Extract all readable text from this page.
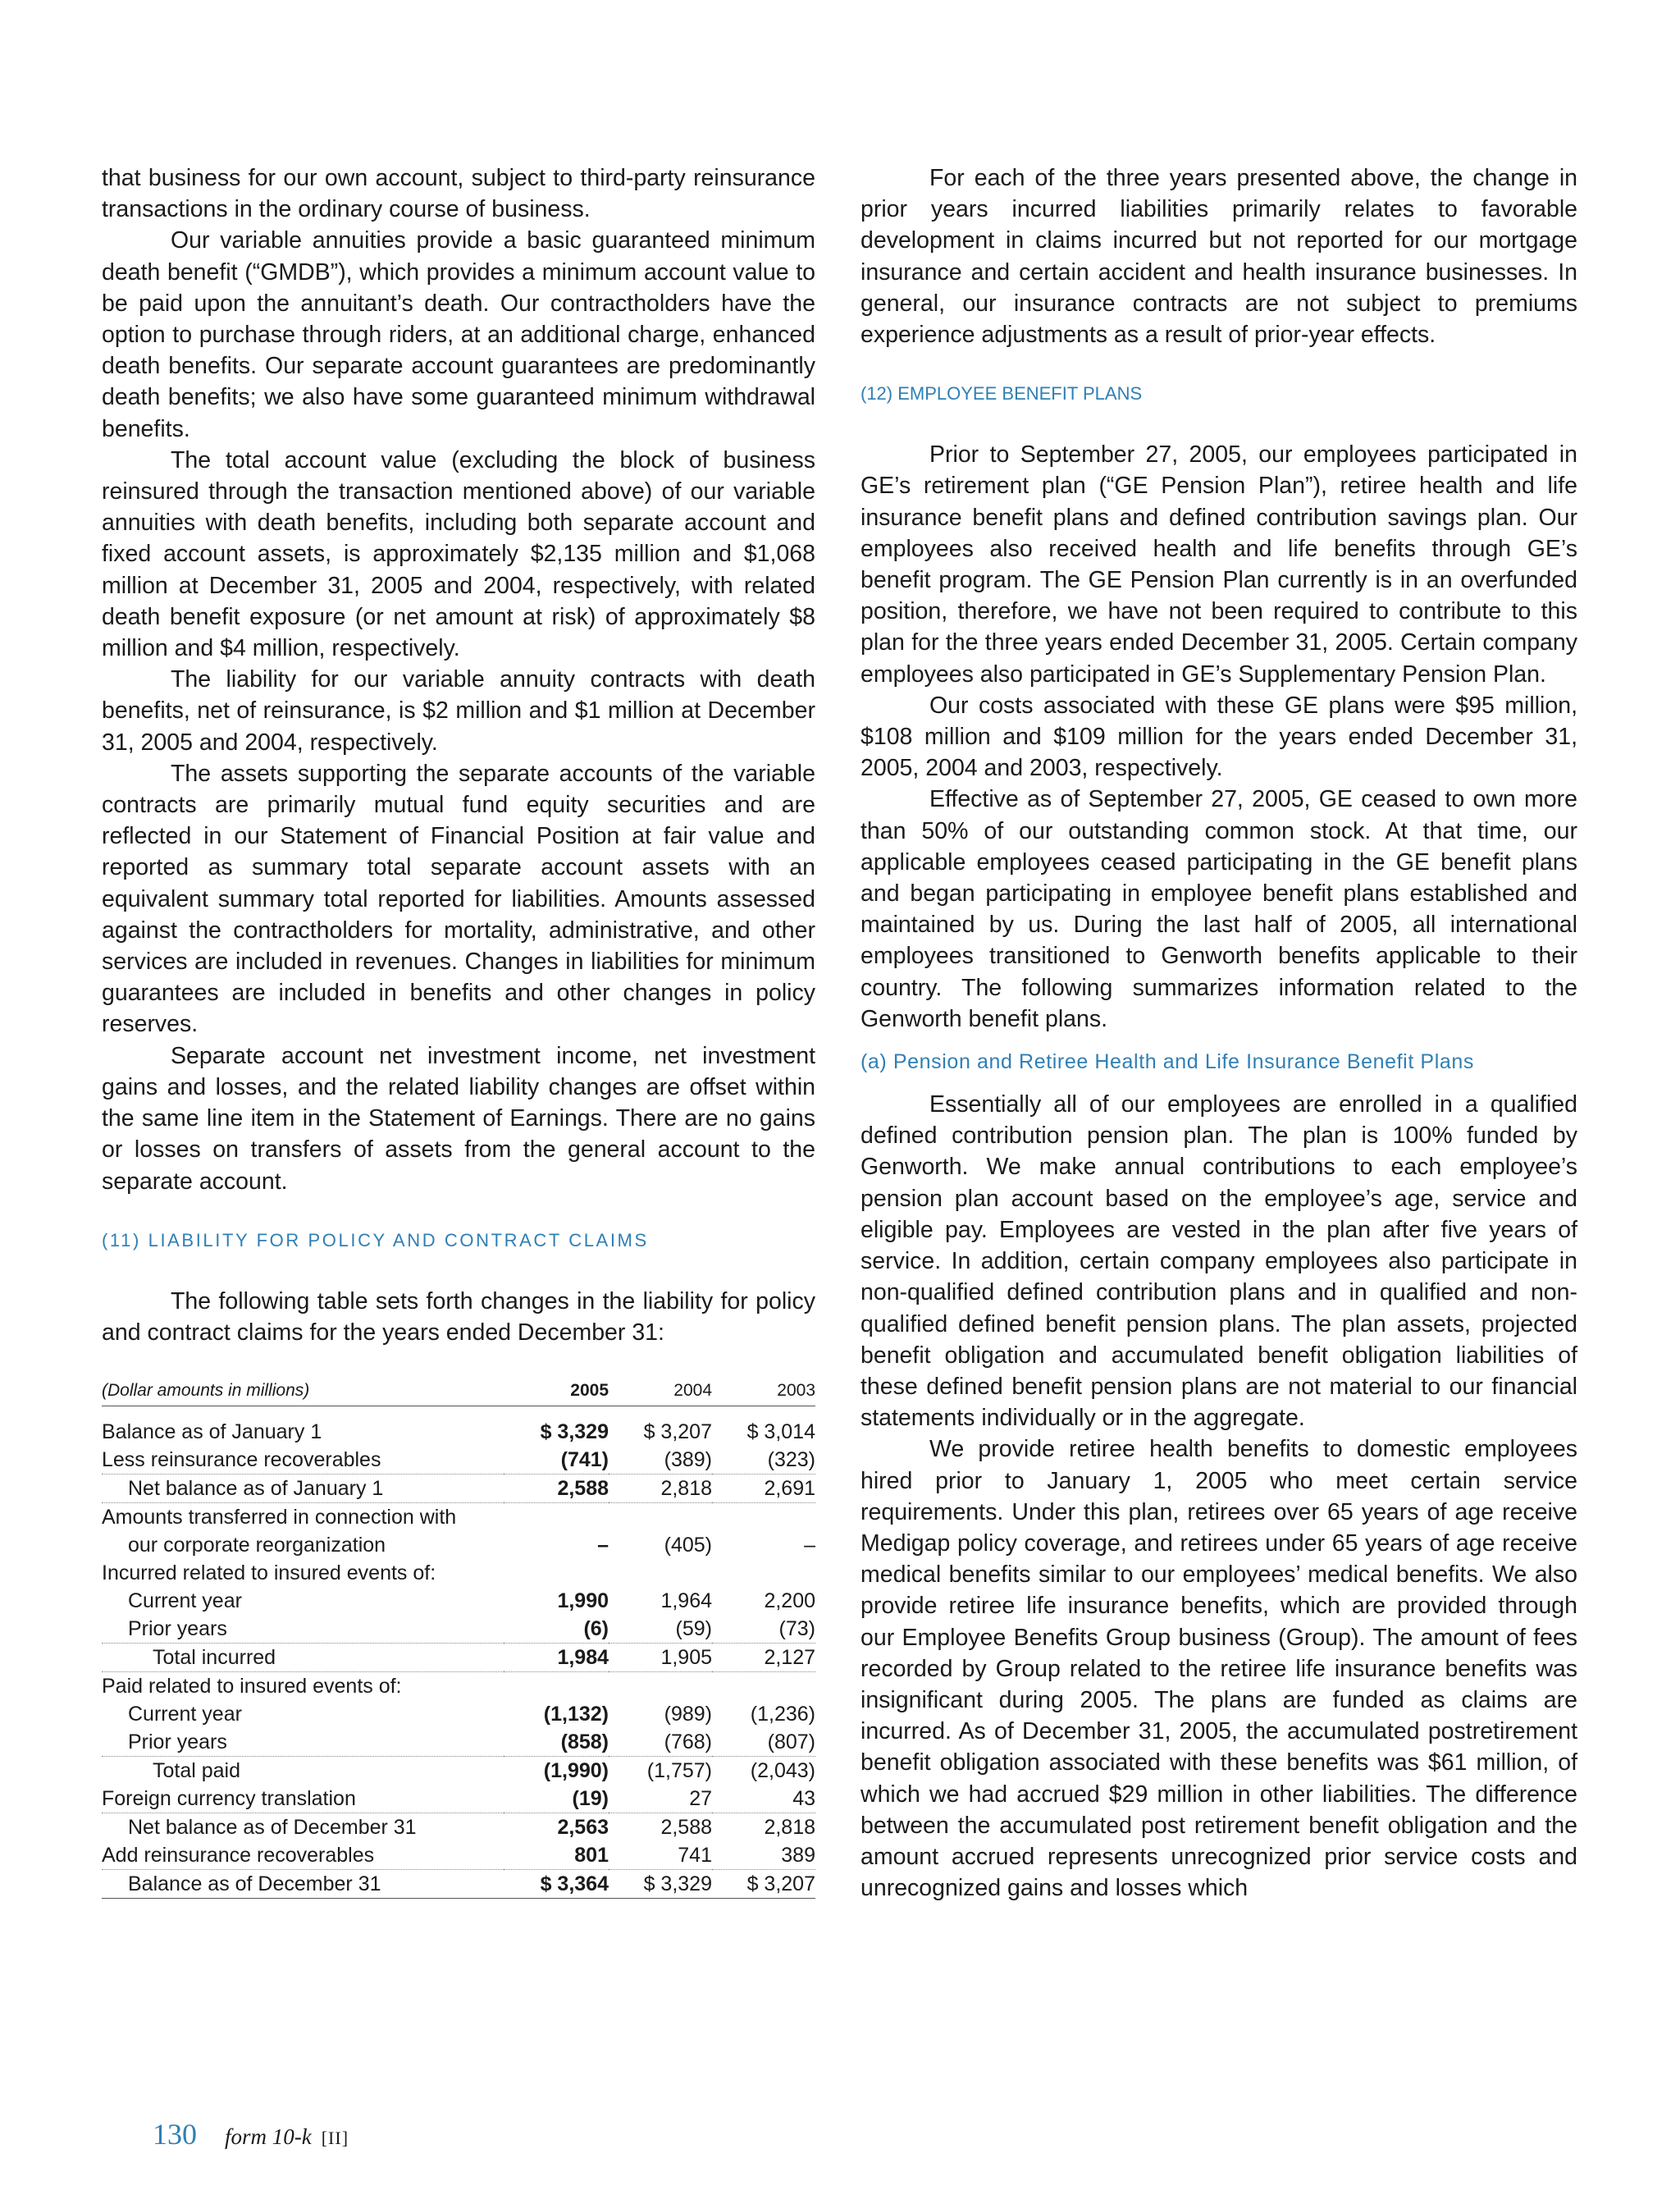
that business for our own account, subject to third-party reinsurance transactions in the ordinary course of business.

Our variable annuities provide a basic guaranteed minimum death benefit (“GMDB”), which provides a minimum account value to be paid upon the annuitant’s death. Our contractholders have the option to purchase through riders, at an additional charge, enhanced death benefits. Our separate account guarantees are predominantly death benefits; we also have some guaranteed minimum withdrawal benefits.

The total account value (excluding the block of business reinsured through the transaction mentioned above) of our variable annuities with death benefits, including both separate account and fixed account assets, is approximately $2,135 million and $1,068 million at December 31, 2005 and 2004, respectively, with related death benefit exposure (or net amount at risk) of approximately $8 million and $4 million, respectively.

The liability for our variable annuity contracts with death benefits, net of reinsurance, is $2 million and $1 million at December 31, 2005 and 2004, respectively.

The assets supporting the separate accounts of the variable contracts are primarily mutual fund equity securities and are reflected in our Statement of Financial Position at fair value and reported as summary total separate account assets with an equivalent summary total reported for liabilities. Amounts assessed against the contractholders for mortality, administrative, and other services are included in revenues. Changes in liabilities for minimum guarantees are included in benefits and other changes in policy reserves.

Separate account net investment income, net investment gains and losses, and the related liability changes are offset within the same line item in the Statement of Earnings. There are no gains or losses on transfers of assets from the general account to the separate account.

(11) LIABILITY FOR POLICY AND CONTRACT CLAIMS

The following table sets forth changes in the liability for policy and contract claims for the years ended December 31:

(Dollar amounts in millions)	2005	2004	2003

Balance as of January 1	$ 3,329	$ 3,207	$ 3,014
Less reinsurance recoverables	(741)	(389)	(323)
Net balance as of January 1	2,588	2,818	2,691
Amounts transferred in connection with			
our corporate reorganization	–	(405)	–
Incurred related to insured events of:			
Current year	1,990	1,964	2,200
Prior years	(6)	(59)	(73)
Total incurred	1,984	1,905	2,127
Paid related to insured events of:			
Current year	(1,132)	(989)	(1,236)
Prior years	(858)	(768)	(807)
Total paid	(1,990)	(1,757)	(2,043)
Foreign currency translation	(19)	27	43
Net balance as of December 31	2,563	2,588	2,818
Add reinsurance recoverables	801	741	389
Balance as of December 31	$ 3,364	$ 3,329	$ 3,207

For each of the three years presented above, the change in prior years incurred liabilities primarily relates to favorable development in claims incurred but not reported for our mortgage insurance and certain accident and health insurance businesses. In general, our insurance contracts are not subject to premiums experience adjustments as a result of prior-year effects.

(12) EMPLOYEE BENEFIT PLANS

Prior to September 27, 2005, our employees participated in GE’s retirement plan (“GE Pension Plan”), retiree health and life insurance benefit plans and defined contribution savings plan. Our employees also received health and life benefits through GE’s benefit program. The GE Pension Plan currently is in an overfunded position, therefore, we have not been required to contribute to this plan for the three years ended December 31, 2005. Certain company employees also participated in GE’s Supplementary Pension Plan.

Our costs associated with these GE plans were $95 million, $108 million and $109 million for the years ended December 31, 2005, 2004 and 2003, respectively.

Effective as of September 27, 2005, GE ceased to own more than 50% of our outstanding common stock. At that time, our applicable employees ceased participating in the GE benefit plans and began participating in employee benefit plans established and maintained by us. During the last half of 2005, all international employees transitioned to Genworth benefits applicable to their country. The following summarizes information related to the Genworth benefit plans.

(a) Pension and Retiree Health and Life Insurance Benefit Plans

Essentially all of our employees are enrolled in a qualified defined contribution pension plan. The plan is 100% funded by Genworth. We make annual contributions to each employee’s pension plan account based on the employee’s age, service and eligible pay. Employees are vested in the plan after five years of service. In addition, certain company employees also participate in non-qualified defined contribution plans and in qualified and non-qualified defined benefit pension plans. The plan assets, projected benefit obligation and accumulated benefit obligation liabilities of these defined benefit pension plans are not material to our financial statements individually or in the aggregate.

We provide retiree health benefits to domestic employees hired prior to January 1, 2005 who meet certain service requirements. Under this plan, retirees over 65 years of age receive Medigap policy coverage, and retirees under 65 years of age receive medical benefits similar to our employees’ medical benefits. We also provide retiree life insurance benefits, which are provided through our Employee Benefits Group business (Group). The amount of fees recorded by Group related to the retiree life insurance benefits was insignificant during 2005. The plans are funded as claims are incurred. As of December 31, 2005, the accumulated postretirement benefit obligation associated with these benefits was $61 million, of which we had accrued $29 million in other liabilities. The difference between the accumulated post retirement benefit obligation and the amount accrued represents unrecognized prior service costs and unrecognized gains and losses which

130 form 10-k [II]
